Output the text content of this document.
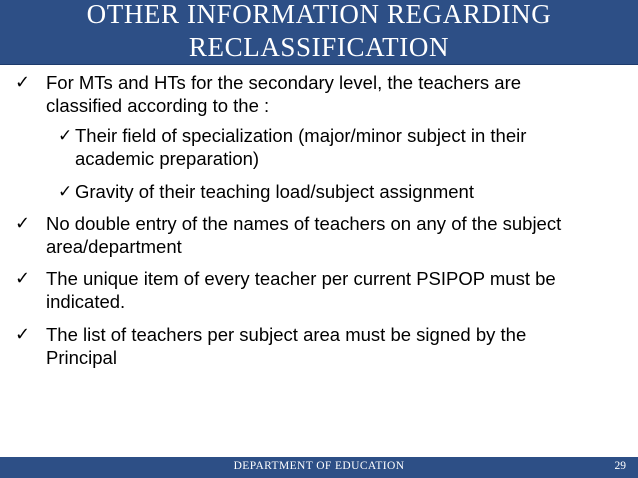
OTHER INFORMATION REGARDING
RECLASSIFICATION
✓ For MTs and HTs for the secondary level, the teachers are classified according to the :
✓ Their field of specialization (major/minor subject in their academic preparation)
✓ Gravity of their teaching load/subject assignment
✓ No double entry of the names of teachers on any of the subject area/department
✓ The unique item of every teacher per current PSIPOP must be indicated.
✓ The list of teachers per subject area must be signed by the Principal
DEPARTMENT OF EDUCATION	29
